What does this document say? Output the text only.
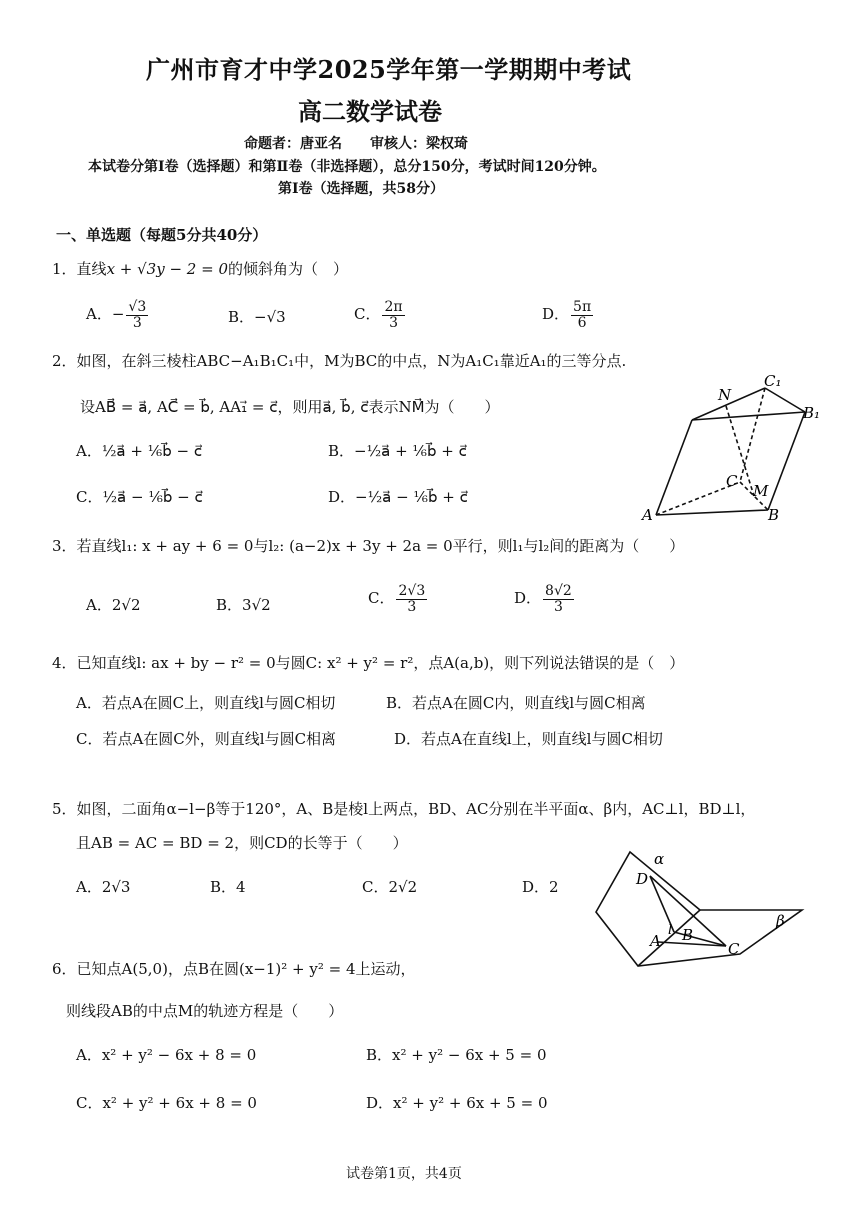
广州市育才中学2025学年第一学期期中考试
高二数学试卷
命题者：唐亚名　　审核人：梁权琦
本试卷分第Ⅰ卷（选择题）和第Ⅱ卷（非选择题），总分150分，考试时间120分钟。
第Ⅰ卷（选择题，共58分）
一、单选题（每题5分共40分）
1．直线x + √3y − 2 = 0的倾斜角为（　）
A．− $\frac{√3}{3}$	B．−√3	C． $\frac{2\pi}{3}$	D． $\frac{5\pi}{6}$
2．如图，在斜三棱柱ABC−A₁B₁C₁中，M为BC的中点，N为A₁C₁靠近A₁的三等分点.
设AB⃗ = a⃗, AC⃗ = b⃗, AA₁⃗ = c⃗，则用a⃗, b⃗, c⃗表示NM⃗为（　　）
A．½a⃗ + ⅙b⃗ − c⃗	B．−½a⃗ + ⅙b⃗ + c⃗
C．½a⃗ − ⅙b⃗ − c⃗	D．−½a⃗ − ⅙b⃗ + c⃗
N
C₁
B₁
C
M
A	B
3．若直线l₁: x + ay + 6 = 0与l₂: (a−2)x + 3y + 2a = 0平行，则l₁与l₂间的距离为（　　）
A．2√2	B．3√2	C． $\frac{2√3}{3}$	D． $\frac{8√2}{3}$
4．已知直线l: ax + by − r² = 0与圆C: x² + y² = r²，点A(a,b)，则下列说法错误的是（　）
A．若点A在圆C上，则直线l与圆C相切	B．若点A在圆C内，则直线l与圆C相离
C．若点A在圆C外，则直线l与圆C相离	D．若点A在直线l上，则直线l与圆C相切
5．如图，二面角α−l−β等于120°，A、B是棱l上两点，BD、AC分别在半平面α、β内，AC⊥l，BD⊥l，
且AB = AC = BD = 2，则CD的长等于（　　）
A．2√3	B．4	C．2√2	D．2
α
β
D
A B
C
l
6．已知点A(5,0)，点B在圆(x−1)² + y² = 4上运动，
则线段AB的中点M的轨迹方程是（　　）
A．x² + y² − 6x + 8 = 0	B．x² + y² − 6x + 5 = 0
C．x² + y² + 6x + 8 = 0	D．x² + y² + 6x + 5 = 0
试卷第1页，共4页
